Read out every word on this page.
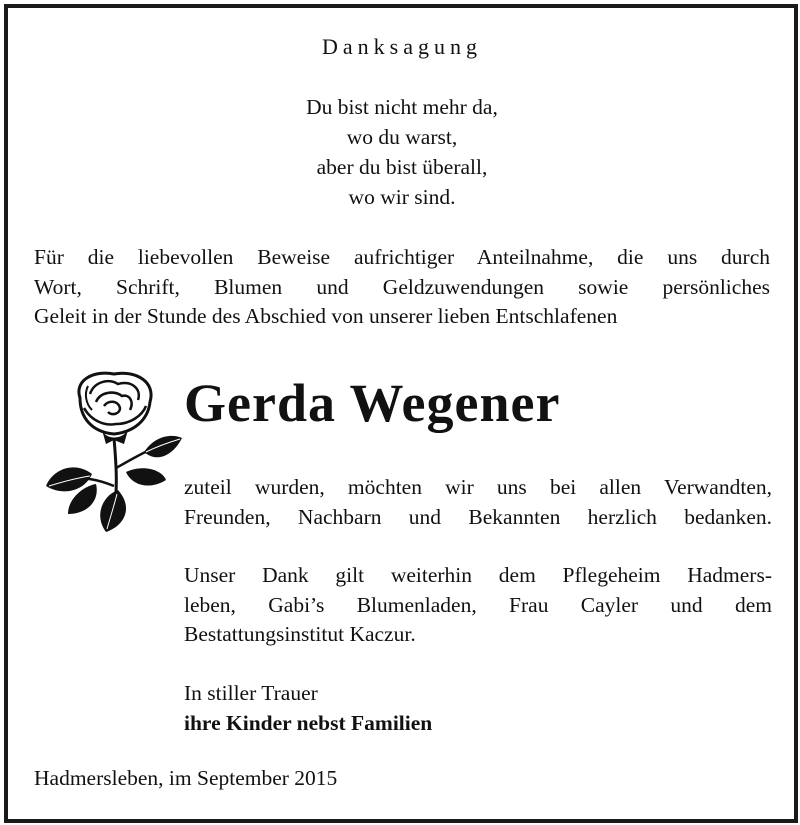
Danksagung
Du bist nicht mehr da,
wo du warst,
aber du bist überall,
wo wir sind.
Für die liebevollen Beweise aufrichtiger Anteilnahme, die uns durch
Wort, Schrift, Blumen und Geldzuwendungen sowie persönliches
Geleit in der Stunde des Abschied von unserer lieben Entschlafenen
Gerda Wegener
zuteil wurden, möchten wir uns bei allen Verwandten,
Freunden, Nachbarn und Bekannten herzlich bedanken.
Unser Dank gilt weiterhin dem Pflegeheim Hadmers-
leben, Gabi’s Blumenladen, Frau Cayler und dem
Bestattungsinstitut Kaczur.
In stiller Trauer
ihre Kinder nebst Familien
Hadmersleben, im September 2015
